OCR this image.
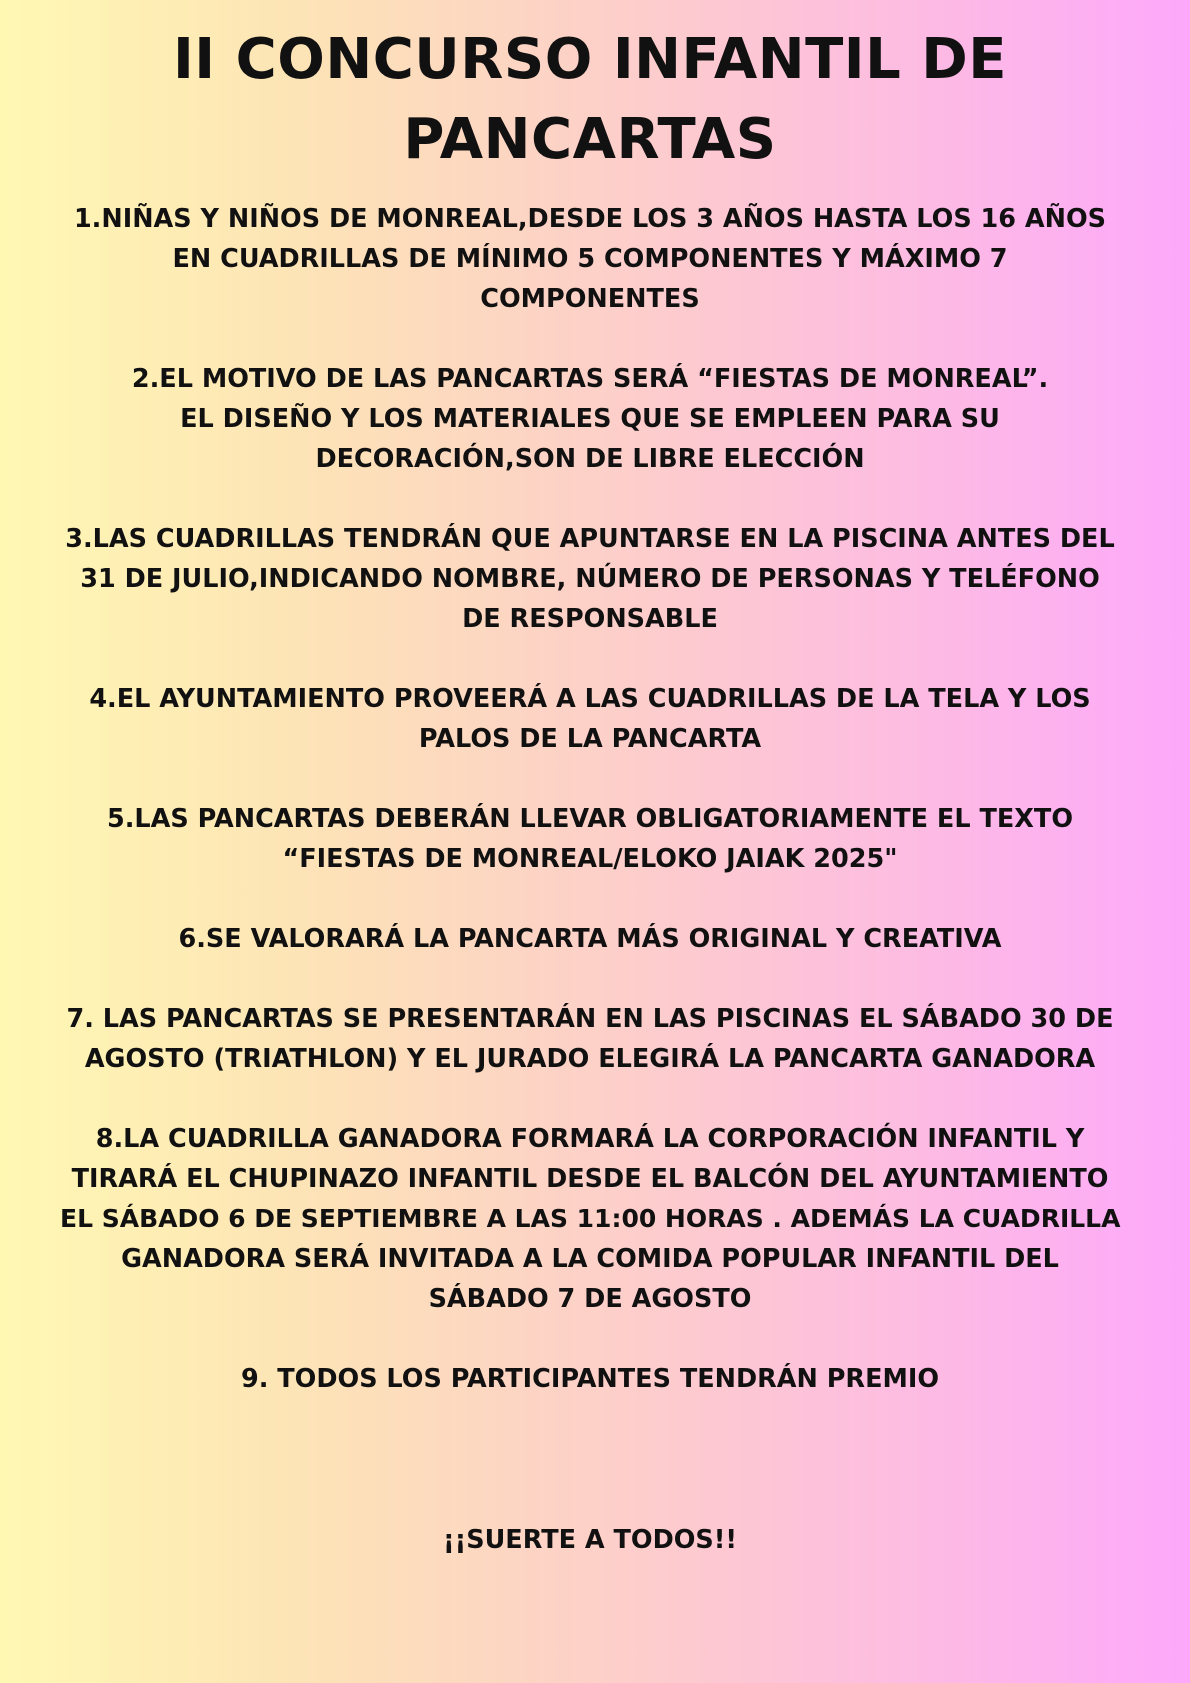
II CONCURSO INFANTIL DE
PANCARTAS

1.NIÑAS Y NIÑOS DE MONREAL,DESDE LOS 3 AÑOS HASTA LOS 16 AÑOS
EN CUADRILLAS DE MÍNIMO 5 COMPONENTES Y MÁXIMO 7
COMPONENTES

2.EL MOTIVO DE LAS PANCARTAS SERÁ “FIESTAS DE MONREAL”.
EL DISEÑO Y LOS MATERIALES QUE SE EMPLEEN PARA SU
DECORACIÓN,SON DE LIBRE ELECCIÓN

3.LAS CUADRILLAS TENDRÁN QUE APUNTARSE EN LA PISCINA ANTES DEL
31 DE JULIO,INDICANDO NOMBRE, NÚMERO DE PERSONAS Y TELÉFONO
DE RESPONSABLE

4.EL AYUNTAMIENTO PROVEERÁ A LAS CUADRILLAS DE LA TELA Y LOS
PALOS DE LA PANCARTA

5.LAS PANCARTAS DEBERÁN LLEVAR OBLIGATORIAMENTE EL TEXTO
“FIESTAS DE MONREAL/ELOKO JAIAK 2025"

6.SE VALORARÁ LA PANCARTA MÁS ORIGINAL Y CREATIVA

7. LAS PANCARTAS SE PRESENTARÁN EN LAS PISCINAS EL SÁBADO 30 DE
AGOSTO (TRIATHLON) Y EL JURADO ELEGIRÁ LA PANCARTA GANADORA

8.LA CUADRILLA GANADORA FORMARÁ LA CORPORACIÓN INFANTIL Y
TIRARÁ EL CHUPINAZO INFANTIL DESDE EL BALCÓN DEL AYUNTAMIENTO
EL SÁBADO 6 DE SEPTIEMBRE A LAS 11:00 HORAS . ADEMÁS LA CUADRILLA
GANADORA SERÁ INVITADA A LA COMIDA POPULAR INFANTIL DEL
SÁBADO 7 DE AGOSTO

9. TODOS LOS PARTICIPANTES TENDRÁN PREMIO

¡¡SUERTE A TODOS!!
